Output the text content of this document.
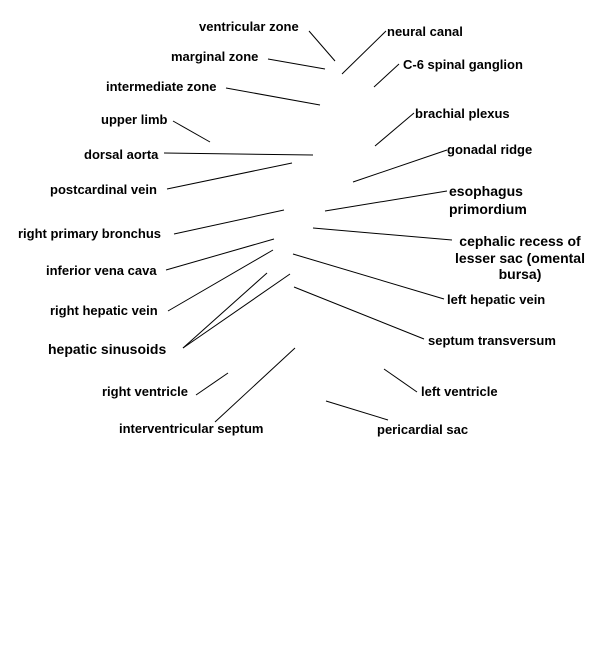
ventricular zone
marginal zone
intermediate zone
upper limb
dorsal aorta
postcardinal vein
right primary bronchus
inferior vena cava
right hepatic vein
hepatic sinusoids
right ventricle
interventricular septum
neural canal
C-6 spinal ganglion
brachial plexus
gonadal ridge
esophagus
primordium
cephalic recess of
lesser sac (omental
bursa)
left hepatic vein
septum transversum
left ventricle
pericardial sac
